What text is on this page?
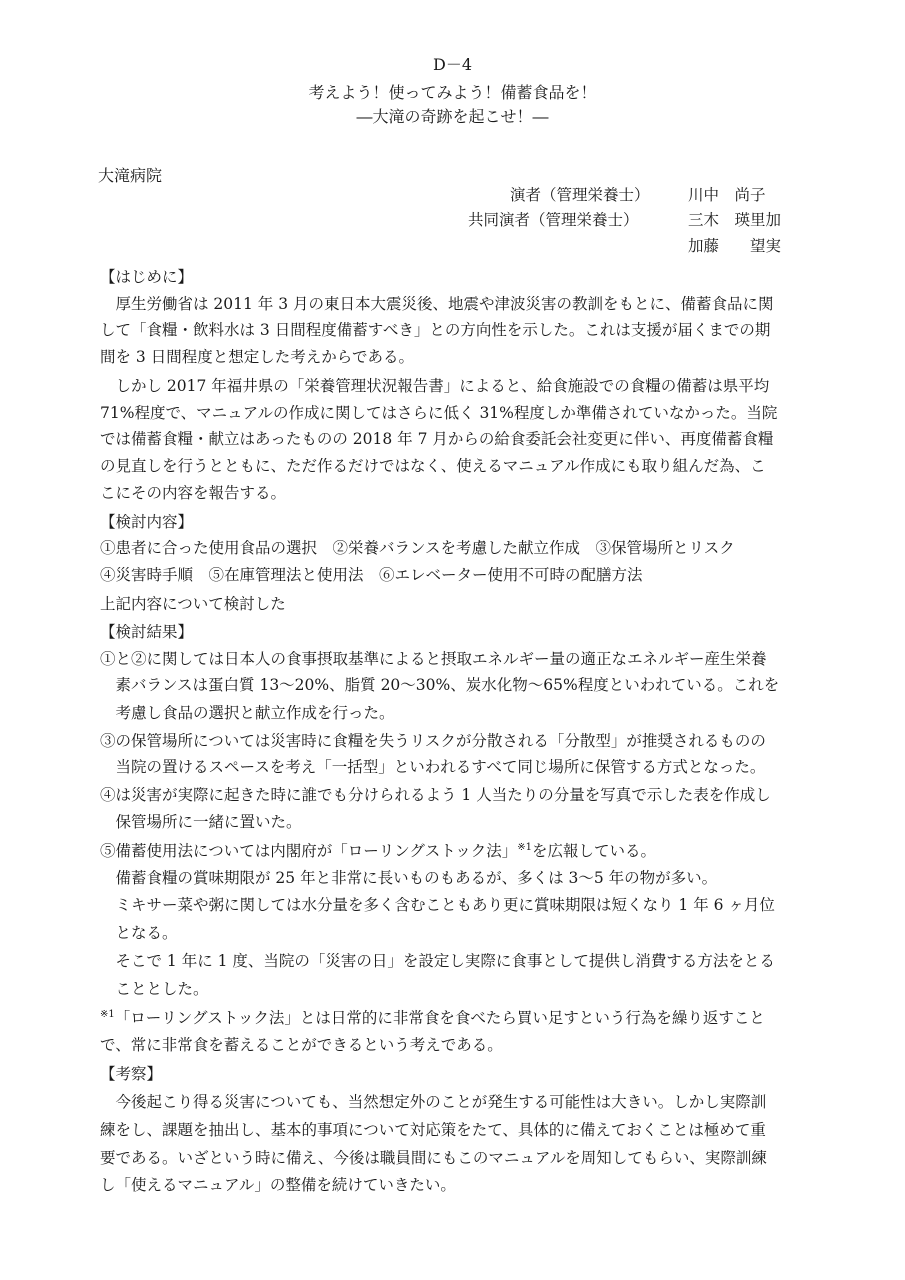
D－4
考えよう！使ってみよう！備蓄食品を！
―大滝の奇跡を起こせ！―
大滝病院
演者（管理栄養士） 川中　尚子
共同演者（管理栄養士）	三木　瑛里加
加藤　　望実
【はじめに】
　厚生労働省は 2011 年 3 月の東日本大震災後、地震や津波災害の教訓をもとに、備蓄食品に関
して「食糧・飲料水は 3 日間程度備蓄すべき」との方向性を示した。これは支援が届くまでの期
間を 3 日間程度と想定した考えからである。
　しかし 2017 年福井県の「栄養管理状況報告書」によると、給食施設での食糧の備蓄は県平均
71%程度で、マニュアルの作成に関してはさらに低く 31%程度しか準備されていなかった。当院
では備蓄食糧・献立はあったものの 2018 年 7 月からの給食委託会社変更に伴い、再度備蓄食糧
の見直しを行うとともに、ただ作るだけではなく、使えるマニュアル作成にも取り組んだ為、こ
こにその内容を報告する。
【検討内容】
①患者に合った使用食品の選択　②栄養バランスを考慮した献立作成　③保管場所とリスク
④災害時手順　⑤在庫管理法と使用法　⑥エレベーター使用不可時の配膳方法
上記内容について検討した
【検討結果】
①と②に関しては日本人の食事摂取基準によると摂取エネルギー量の適正なエネルギー産生栄養
　素バランスは蛋白質 13～20%、脂質 20～30%、炭水化物～65%程度といわれている。これを
　考慮し食品の選択と献立作成を行った。
③の保管場所については災害時に食糧を失うリスクが分散される「分散型」が推奨されるものの
　当院の置けるスペースを考え「一括型」といわれるすべて同じ場所に保管する方式となった。
④は災害が実際に起きた時に誰でも分けられるよう 1 人当たりの分量を写真で示した表を作成し
　保管場所に一緒に置いた。
⑤備蓄使用法については内閣府が「ローリングストック法」$^{※1}$を広報している。
　備蓄食糧の賞味期限が 25 年と非常に長いものもあるが、多くは 3～5 年の物が多い。
　ミキサー菜や粥に関しては水分量を多く含むこともあり更に賞味期限は短くなり 1 年 6 ヶ月位
　となる。
　そこで 1 年に 1 度、当院の「災害の日」を設定し実際に食事として提供し消費する方法をとる
　こととした。
$^{※1}$「ローリングストック法」とは日常的に非常食を食べたら買い足すという行為を繰り返すこと
で、常に非常食を蓄えることができるという考えである。
【考察】
　今後起こり得る災害についても、当然想定外のことが発生する可能性は大きい。しかし実際訓
練をし、課題を抽出し、基本的事項について対応策をたて、具体的に備えておくことは極めて重
要である。いざという時に備え、今後は職員間にもこのマニュアルを周知してもらい、実際訓練
し「使えるマニュアル」の整備を続けていきたい。
